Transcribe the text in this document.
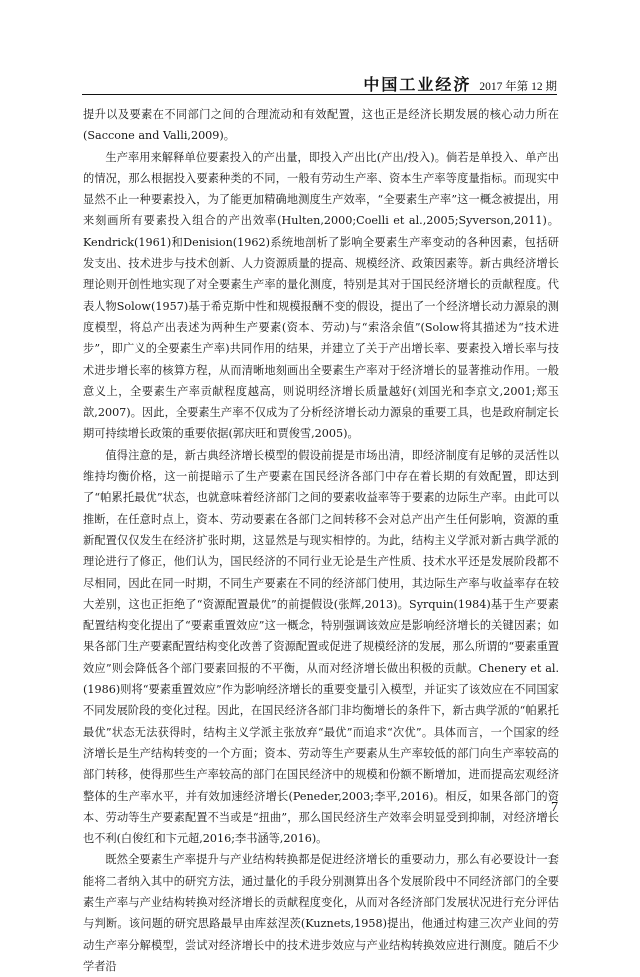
中国工业经济 2017 年第 12 期

提升以及要素在不同部门之间的合理流动和有效配置，这也正是经济长期发展的核心动力所在(Saccone and Valli,2009)。

生产率用来解释单位要素投入的产出量，即投入产出比(产出/投入)。倘若是单投入、单产出的情况，那么根据投入要素种类的不同，一般有劳动生产率、资本生产率等度量指标。而现实中显然不止一种要素投入，为了能更加精确地测度生产效率，“全要素生产率”这一概念被提出，用来刻画所有要素投入组合的产出效率(Hulten,2000;Coelli et al.,2005;Syverson,2011)。Kendrick(1961)和Denision(1962)系统地剖析了影响全要素生产率变动的各种因素，包括研发支出、技术进步与技术创新、人力资源质量的提高、规模经济、政策因素等。新古典经济增长理论则开创性地实现了对全要素生产率的量化测度，特别是其对于国民经济增长的贡献程度。代表人物Solow(1957)基于希克斯中性和规模报酬不变的假设，提出了一个经济增长动力源泉的测度模型，将总产出表述为两种生产要素(资本、劳动)与“索洛余值”(Solow将其描述为“技术进步”，即广义的全要素生产率)共同作用的结果，并建立了关于产出增长率、要素投入增长率与技术进步增长率的核算方程，从而清晰地刻画出全要素生产率对于经济增长的显著推动作用。一般意义上，全要素生产率贡献程度越高，则说明经济增长质量越好(刘国光和李京文,2001;郑玉歆,2007)。因此，全要素生产率不仅成为了分析经济增长动力源泉的重要工具，也是政府制定长期可持续增长政策的重要依据(郭庆旺和贾俊雪,2005)。

值得注意的是，新古典经济增长模型的假设前提是市场出清，即经济制度有足够的灵活性以维持均衡价格，这一前提暗示了生产要素在国民经济各部门中存在着长期的有效配置，即达到了“帕累托最优”状态，也就意味着经济部门之间的要素收益率等于要素的边际生产率。由此可以推断，在任意时点上，资本、劳动要素在各部门之间转移不会对总产出产生任何影响，资源的重新配置仅仅发生在经济扩张时期，这显然是与现实相悖的。为此，结构主义学派对新古典学派的理论进行了修正，他们认为，国民经济的不同行业无论是生产性质、技术水平还是发展阶段都不尽相同，因此在同一时期，不同生产要素在不同的经济部门使用，其边际生产率与收益率存在较大差别，这也正拒绝了“资源配置最优”的前提假设(张辉,2013)。Syrquin(1984)基于生产要素配置结构变化提出了“要素重置效应”这一概念，特别强调该效应是影响经济增长的关键因素；如果各部门生产要素配置结构变化改善了资源配置或促进了规模经济的发展，那么所谓的“要素重置效应”则会降低各个部门要素回报的不平衡，从而对经济增长做出积极的贡献。Chenery et al.(1986)则将“要素重置效应”作为影响经济增长的重要变量引入模型，并证实了该效应在不同国家不同发展阶段的变化过程。因此，在国民经济各部门非均衡增长的条件下，新古典学派的“帕累托最优”状态无法获得时，结构主义学派主张放弃“最优”而追求“次优”。具体而言，一个国家的经济增长是生产结构转变的一个方面；资本、劳动等生产要素从生产率较低的部门向生产率较高的部门转移，使得那些生产率较高的部门在国民经济中的规模和份额不断增加，进而提高宏观经济整体的生产率水平，并有效加速经济增长(Peneder,2003;李平,2016)。相反，如果各部门的资本、劳动等生产要素配置不当或是“扭曲”，那么国民经济生产效率会明显受到抑制，对经济增长也不利(白俊红和卞元超,2016;李书涵等,2016)。

既然全要素生产率提升与产业结构转换都是促进经济增长的重要动力，那么有必要设计一套能将二者纳入其中的研究方法，通过量化的手段分别测算出各个发展阶段中不同经济部门的全要素生产率与产业结构转换对经济增长的贡献程度变化，从而对各经济部门发展状况进行充分评估与判断。该问题的研究思路最早由库兹涅茨(Kuznets,1958)提出，他通过构建三次产业间的劳动生产率分解模型，尝试对经济增长中的技术进步效应与产业结构转换效应进行测度。随后不少学者沿

7
